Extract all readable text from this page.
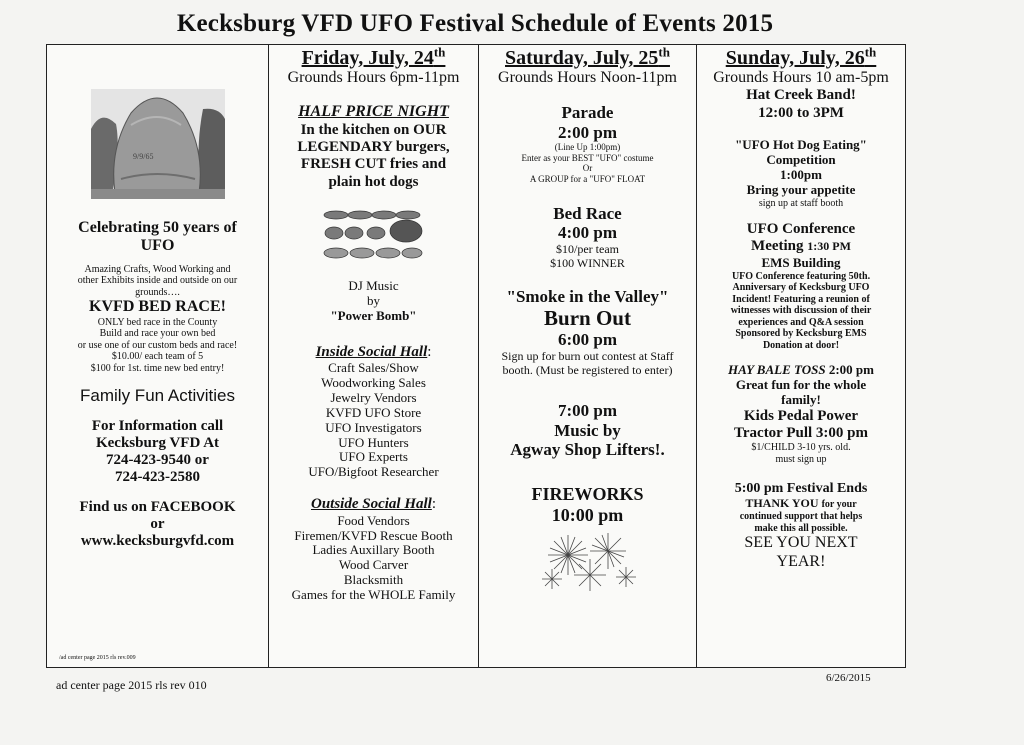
Kecksburg VFD UFO Festival Schedule of Events 2015
9/9/65
Celebrating 50 years of
UFO
Amazing Crafts, Wood Working and
other Exhibits inside and outside on our
grounds….
KVFD BED RACE!
ONLY bed race in the County
Build and race your own bed
or use one of our custom beds and race!
$10.00/ each team of 5
$100 for 1st. time new bed entry!
Family Fun Activities
For Information call
Kecksburg VFD At
724-423-9540 or
724-423-2580
Find us on FACEBOOK
or
www.kecksburgvfd.com
/ad center page 2015 rls rev.009
Friday, July, 24th
Grounds Hours 6pm-11pm
HALF PRICE NIGHT
In the kitchen on OUR
LEGENDARY burgers,
FRESH CUT fries and
plain hot dogs
DJ Music
by
"Power Bomb"
Inside Social Hall:
Craft Sales/Show
Woodworking Sales
Jewelry Vendors
KVFD UFO Store
UFO Investigators
UFO Hunters
UFO Experts
UFO/Bigfoot Researcher
Outside Social Hall:
Food Vendors
Firemen/KVFD Rescue Booth
Ladies Auxillary Booth
Wood Carver
Blacksmith
Games for the WHOLE Family
Saturday, July, 25th
Grounds Hours Noon-11pm
Parade
2:00 pm
(Line Up 1:00pm)
Enter as your BEST "UFO" costume
Or
A GROUP for a "UFO" FLOAT
Bed Race
4:00 pm
$10/per team
$100 WINNER
"Smoke in the Valley"
Burn Out
6:00 pm
Sign up for burn out contest at Staff
booth. (Must be registered to enter)
7:00 pm
Music by
Agway Shop Lifters!.
FIREWORKS
10:00 pm
Sunday, July, 26th
Grounds Hours 10 am-5pm
Hat Creek Band!
12:00 to 3PM
"UFO Hot Dog Eating"
Competition
1:00pm
Bring your appetite
sign up at staff booth
UFO Conference
Meeting 1:30 PM
EMS Building
UFO Conference featuring 50th.
Anniversary of Kecksburg UFO
Incident! Featuring a reunion of
witnesses with discussion of their
experiences and Q&A session
Sponsored by Kecksburg EMS
Donation at door!
HAY BALE TOSS 2:00 pm
Great fun for the whole
family!
Kids Pedal Power
Tractor Pull 3:00 pm
$1/CHILD 3-10 yrs. old.
must sign up
5:00 pm Festival Ends
THANK YOU for your
continued support that helps
make this all possible.
SEE YOU NEXT
YEAR!
ad center page 2015 rls rev 010	6/26/2015
